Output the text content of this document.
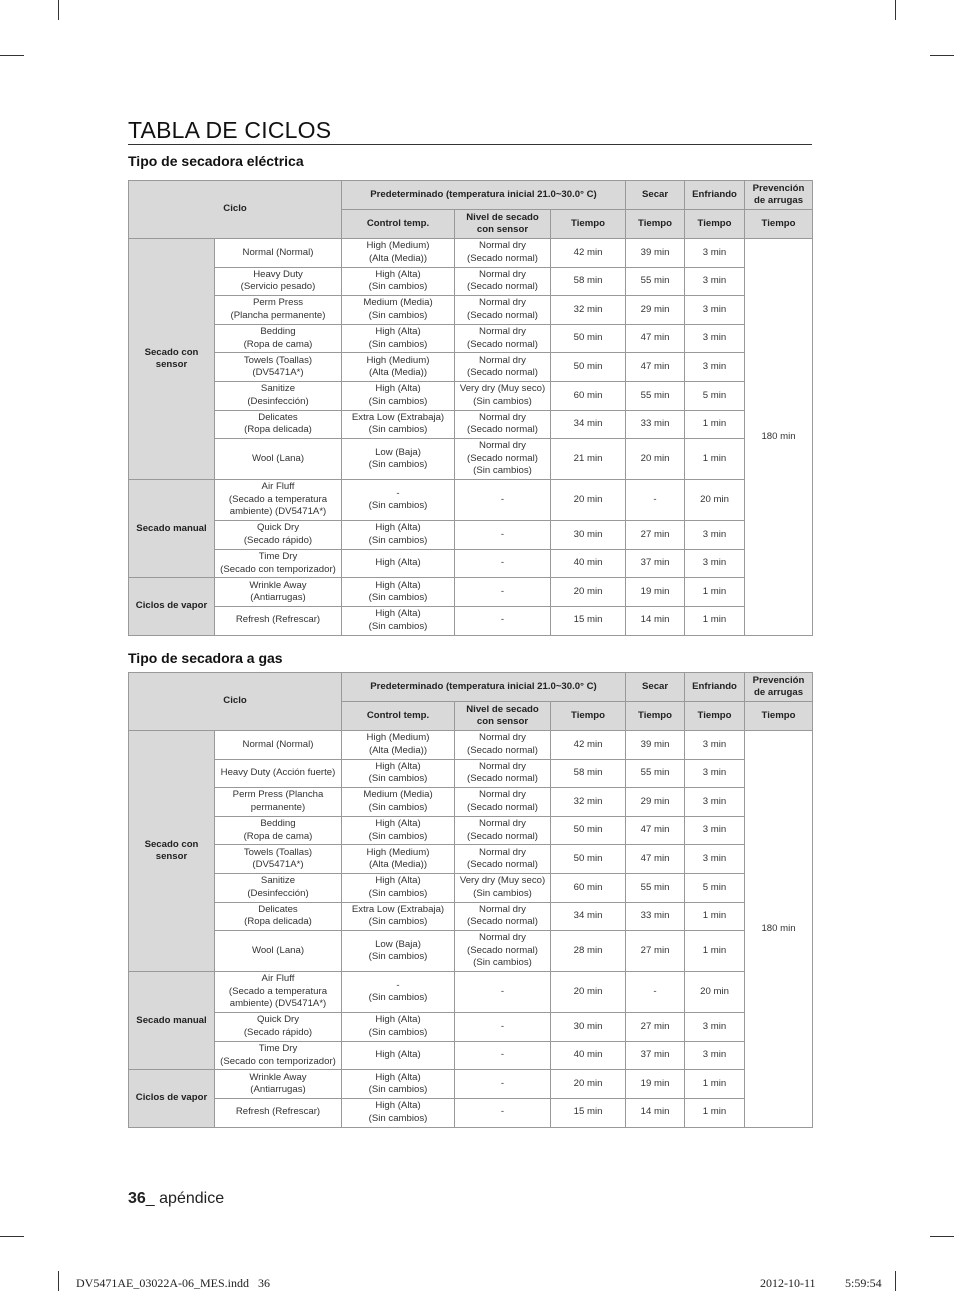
TABLA DE CICLOS
Tipo de secadora eléctrica
Ciclo		Predeterminado (temperatura inicial 21.0~30.0° C)			Secar	Enfriando	Prevención
de arrugas
		Control temp.	Nivel de secado
con sensor	Tiempo	Tiempo	Tiempo	Tiempo
Secado con
sensor	Normal (Normal)	High (Medium)
(Alta (Media))	Normal dry
(Secado normal)	42 min	39 min	3 min	180 min
	Heavy Duty
(Servicio pesado)	High (Alta)
(Sin cambios)	Normal dry
(Secado normal)	58 min	55 min	3 min	
	Perm Press
(Plancha permanente)	Medium (Media)
(Sin cambios)	Normal dry
(Secado normal)	32 min	29 min	3 min	
	Bedding
(Ropa de cama)	High (Alta)
(Sin cambios)	Normal dry
(Secado normal)	50 min	47 min	3 min	
	Towels (Toallas)
(DV5471A*)	High (Medium)
(Alta (Media))	Normal dry
(Secado normal)	50 min	47 min	3 min	
	Sanitize
(Desinfección)	High (Alta)
(Sin cambios)	Very dry (Muy seco)
(Sin cambios)	60 min	55 min	5 min	
	Delicates
(Ropa delicada)	Extra Low (Extrabaja)
(Sin cambios)	Normal dry
(Secado normal)	34 min	33 min	1 min	
	Wool (Lana)	Low (Baja)
(Sin cambios)	Normal dry
(Secado normal)
(Sin cambios)	21 min	20 min	1 min	
Secado manual	Air Fluff
(Secado a temperatura
ambiente) (DV5471A*)	-
(Sin cambios)	-	20 min	-	20 min	
	Quick Dry
(Secado rápido)	High (Alta)
(Sin cambios)	-	30 min	27 min	3 min	
	Time Dry
(Secado con temporizador)	High (Alta)	-	40 min	37 min	3 min	
Ciclos de vapor	Wrinkle Away
(Antiarrugas)	High (Alta)
(Sin cambios)	-	20 min	19 min	1 min	
	Refresh (Refrescar)	High (Alta)
(Sin cambios)	-	15 min	14 min	1 min	
Tipo de secadora a gas
Ciclo		Predeterminado (temperatura inicial 21.0~30.0° C)			Secar	Enfriando	Prevención
de arrugas
		Control temp.	Nivel de secado
con sensor	Tiempo	Tiempo	Tiempo	Tiempo
Secado con
sensor	Normal (Normal)	High (Medium)
(Alta (Media))	Normal dry
(Secado normal)	42 min	39 min	3 min	180 min
	Heavy Duty (Acción fuerte)	High (Alta)
(Sin cambios)	Normal dry
(Secado normal)	58 min	55 min	3 min	
	Perm Press (Plancha
permanente)	Medium (Media)
(Sin cambios)	Normal dry
(Secado normal)	32 min	29 min	3 min	
	Bedding
(Ropa de cama)	High (Alta)
(Sin cambios)	Normal dry
(Secado normal)	50 min	47 min	3 min	
	Towels (Toallas)
(DV5471A*)	High (Medium)
(Alta (Media))	Normal dry
(Secado normal)	50 min	47 min	3 min	
	Sanitize
(Desinfección)	High (Alta)
(Sin cambios)	Very dry (Muy seco)
(Sin cambios)	60 min	55 min	5 min	
	Delicates
(Ropa delicada)	Extra Low (Extrabaja)
(Sin cambios)	Normal dry
(Secado normal)	34 min	33 min	1 min	
	Wool (Lana)	Low (Baja)
(Sin cambios)	Normal dry
(Secado normal)
(Sin cambios)	28 min	27 min	1 min	
Secado manual	Air Fluff
(Secado a temperatura
ambiente) (DV5471A*)	-
(Sin cambios)	-	20 min	-	20 min	
	Quick Dry
(Secado rápido)	High (Alta)
(Sin cambios)	-	30 min	27 min	3 min	
	Time Dry
(Secado con temporizador)	High (Alta)	-	40 min	37 min	3 min	
Ciclos de vapor	Wrinkle Away
(Antiarrugas)	High (Alta)
(Sin cambios)	-	20 min	19 min	1 min	
	Refresh (Refrescar)	High (Alta)
(Sin cambios)	-	15 min	14 min	1 min	
36_ apéndice
DV5471AE_03022A-06_MES.indd   36	2012-10-11 5:59:54
